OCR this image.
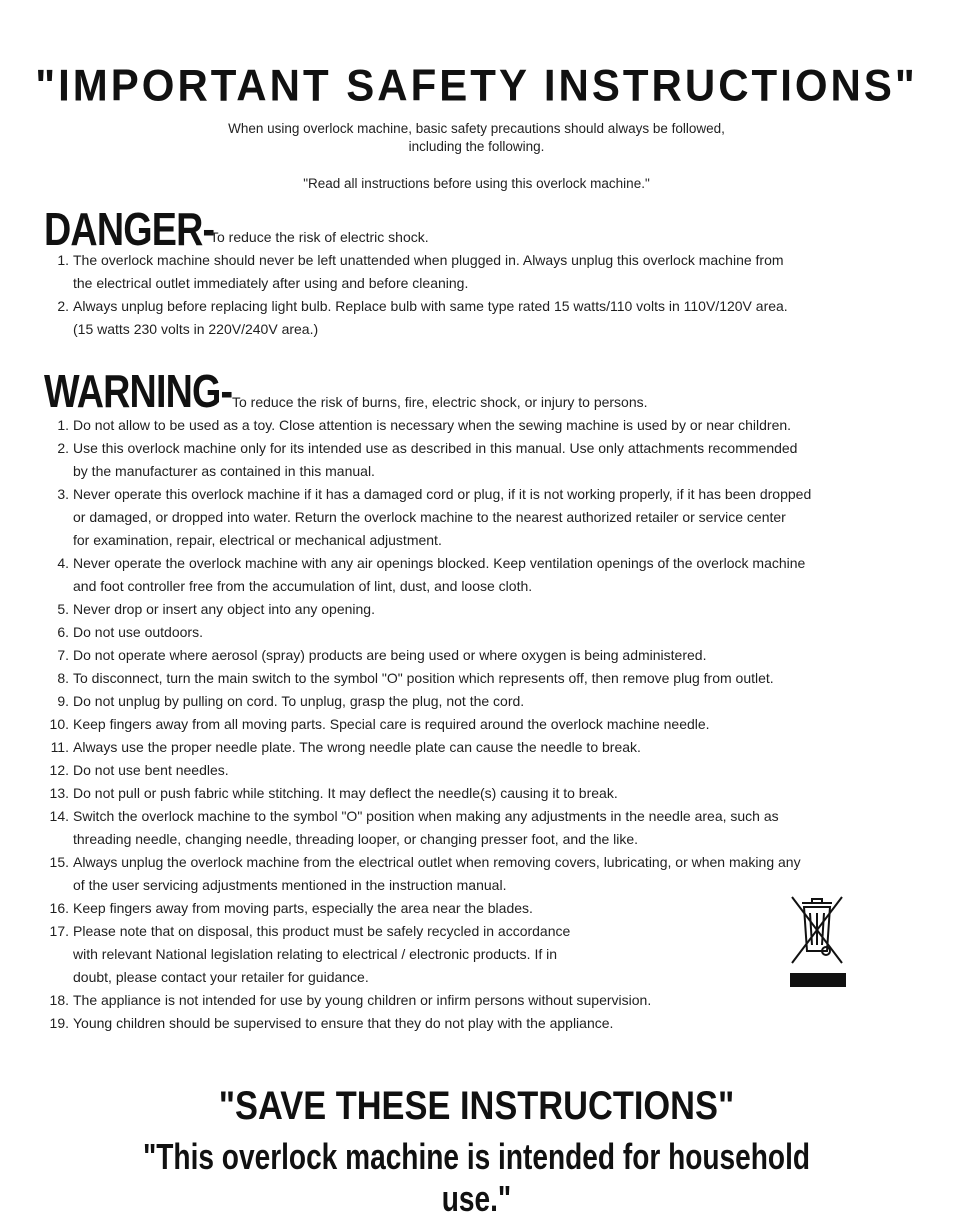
"IMPORTANT SAFETY INSTRUCTIONS"
When using overlock machine, basic safety precautions should always be followed,
including the following.
"Read all instructions before using this overlock machine."
DANGER-
To reduce the risk of electric shock.
1. The overlock machine should never be left unattended when plugged in. Always unplug this overlock machine from
the electrical outlet immediately after using and before cleaning.
2. Always unplug before replacing light bulb. Replace bulb with same type rated 15 watts/110 volts in 110V/120V area.
(15 watts 230 volts in 220V/240V area.)
WARNING- To reduce the risk of burns, fire, electric shock, or injury to persons.
1. Do not allow to be used as a toy. Close attention is necessary when the sewing machine is used by or near children.
2. Use this overlock machine only for its intended use as described in this manual. Use only attachments recommended
by the manufacturer as contained in this manual.
3. Never operate this overlock machine if it has a damaged cord or plug, if it is not working properly, if it has been dropped
or damaged, or dropped into water. Return the overlock machine to the nearest authorized retailer or service center
for examination, repair, electrical or mechanical adjustment.
4. Never operate the overlock machine with any air openings blocked. Keep ventilation openings of the overlock machine
and foot controller free from the accumulation of lint, dust, and loose cloth.
5. Never drop or insert any object into any opening.
6. Do not use outdoors.
7. Do not operate where aerosol (spray) products are being used or where oxygen is being administered.
8. To disconnect, turn the main switch to the symbol "O" position which represents off, then remove plug from outlet.
9. Do not unplug by pulling on cord. To unplug, grasp the plug, not the cord.
10. Keep fingers away from all moving parts. Special care is required around the overlock machine needle.
11. Always use the proper needle plate. The wrong needle plate can cause the needle to break.
12. Do not use bent needles.
13. Do not pull or push fabric while stitching. It may deflect the needle(s) causing it to break.
14. Switch the overlock machine to the symbol "O" position when making any adjustments in the needle area, such as
threading needle, changing needle, threading looper, or changing presser foot, and the like.
15. Always unplug the overlock machine from the electrical outlet when removing covers, lubricating, or when making any
of the user servicing adjustments mentioned in the instruction manual.
16. Keep fingers away from moving parts, especially the area near the blades.
17. Please note that on disposal, this product must be safely recycled in accordance
with relevant National legislation relating to electrical / electronic products. If in
doubt, please contact your retailer for guidance.
18. The appliance is not intended for use by young children or infirm persons without supervision.
19. Young children should be supervised to ensure that they do not play with the appliance.
"SAVE THESE INSTRUCTIONS"
"This overlock machine is intended for household use."
